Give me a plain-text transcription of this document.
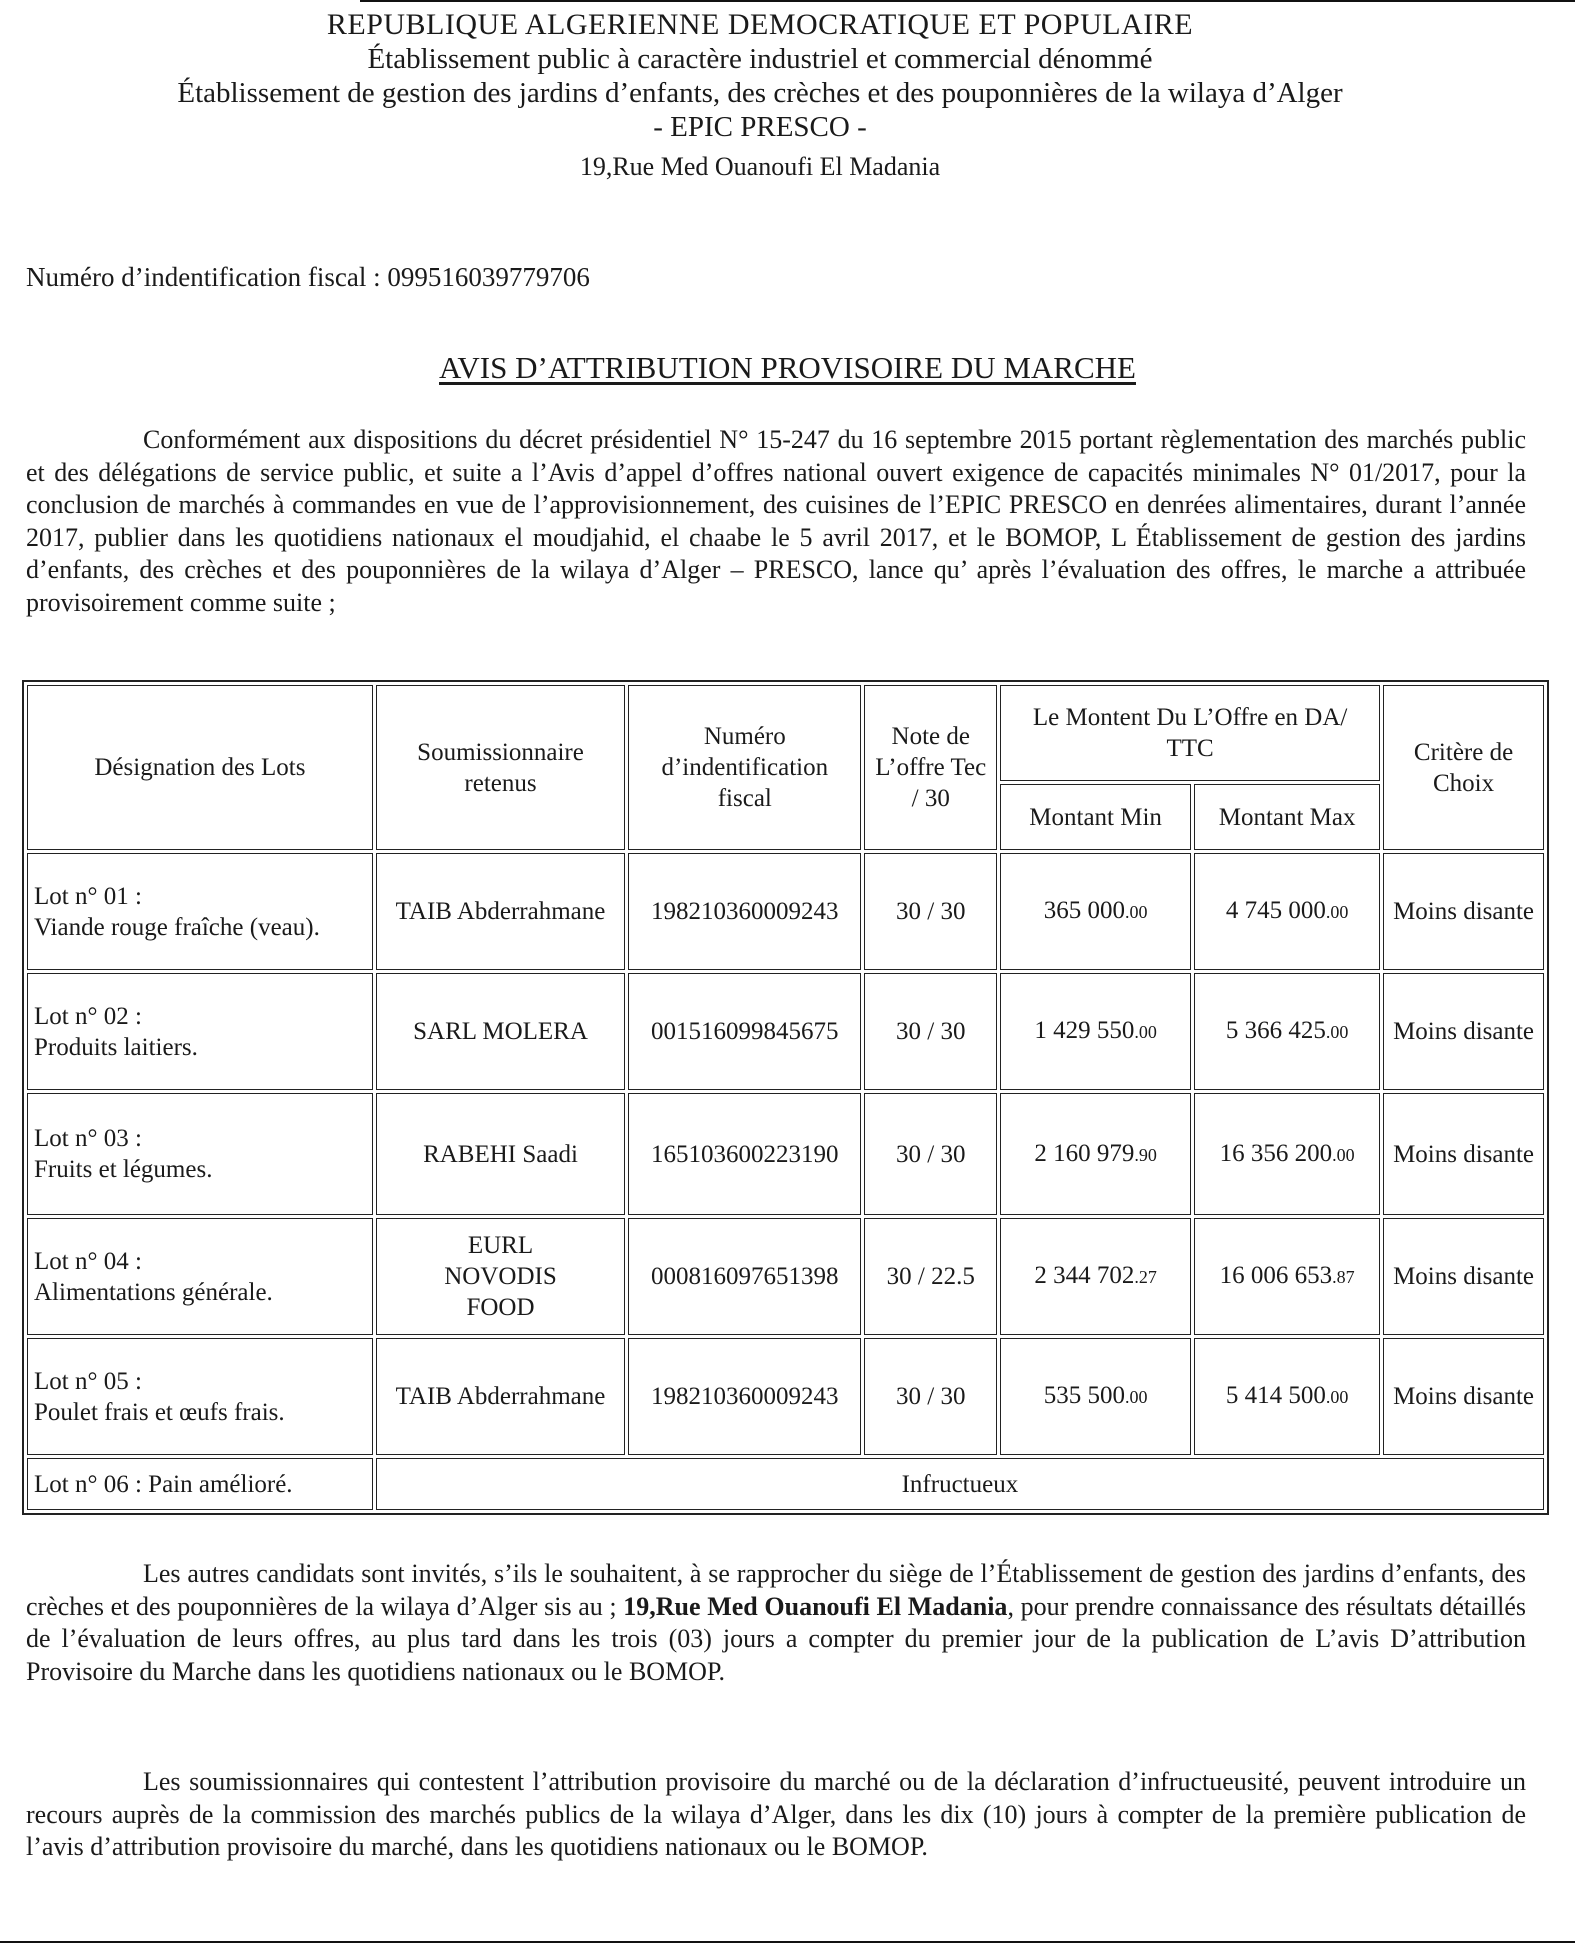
REPUBLIQUE ALGERIENNE DEMOCRATIQUE ET POPULAIRE
Établissement public à caractère industriel et commercial dénommé
Établissement de gestion des jardins d’enfants, des crèches et des pouponnières de la wilaya d’Alger
- EPIC PRESCO -
19,Rue Med Ouanoufi El Madania
Numéro d’indentification fiscal : 099516039779706
AVIS D’ATTRIBUTION PROVISOIRE DU MARCHE

Conformément aux dispositions du décret présidentiel N° 15-247 du 16 septembre 2015 portant règlementation des marchés public et des délégations de service public, et suite a l’Avis d’appel d’offres national ouvert exigence de capacités minimales N° 01/2017, pour la conclusion de marchés à commandes en vue de l’approvisionnement, des cuisines de l’EPIC PRESCO en denrées alimentaires, durant l’année 2017, publier dans les quotidiens nationaux el moudjahid, el chaabe le 5 avril 2017, et le BOMOP, L Établissement de gestion des jardins d’enfants, des crèches et des pouponnières de la wilaya d’Alger – PRESCO, lance qu’ après l’évaluation des offres, le marche a attribuée provisoirement comme suite ;

Désignation des Lots	Soumissionnaire retenus	Numéro d’indentification fiscal	Note de L’offre Tec / 30	Le Montent Du L’Offre en DA/ TTC		Critère de Choix
				Montant Min	Montant Max	

Lot n° 01 :
Viande rouge fraîche (veau).	TAIB Abderrahmane	198210360009243	30 / 30	365 000.00	4 745 000.00	Moins disante

Lot n° 02 :
Produits laitiers.	SARL MOLERA	001516099845675	30 / 30	1 429 550.00	5 366 425.00	Moins disante

Lot n° 03 :
Fruits et légumes.	RABEHI Saadi	165103600223190	30 / 30	2 160 979.90	16 356 200.00	Moins disante

Lot n° 04 :
Alimentations générale.	EURL NOVODIS FOOD	000816097651398	30 / 22.5	2 344 702.27	16 006 653.87	Moins disante

Lot n° 05 :
Poulet frais et œufs frais.	TAIB Abderrahmane	198210360009243	30 / 30	535 500.00	5 414 500.00	Moins disante
Lot n° 06 : Pain amélioré.	Infructueux					

Les autres candidats sont invités, s’ils le souhaitent, à se rapprocher du siège de l’Établissement de gestion des jardins d’enfants, des crèches et des pouponnières de la wilaya d’Alger sis au ; 19,Rue Med Ouanoufi El Madania, pour prendre connaissance des résultats détaillés de l’évaluation de leurs offres, au plus tard dans les trois (03) jours a compter du premier jour de la publication de L’avis D’attribution Provisoire du Marche dans les quotidiens nationaux ou le BOMOP.

Les soumissionnaires qui contestent l’attribution provisoire du marché ou de la déclaration d’infructueusité, peuvent introduire un recours auprès de la commission des marchés publics de la wilaya d’Alger, dans les dix (10) jours à compter de la première publication de l’avis d’attribution provisoire du marché, dans les quotidiens nationaux ou le BOMOP.
